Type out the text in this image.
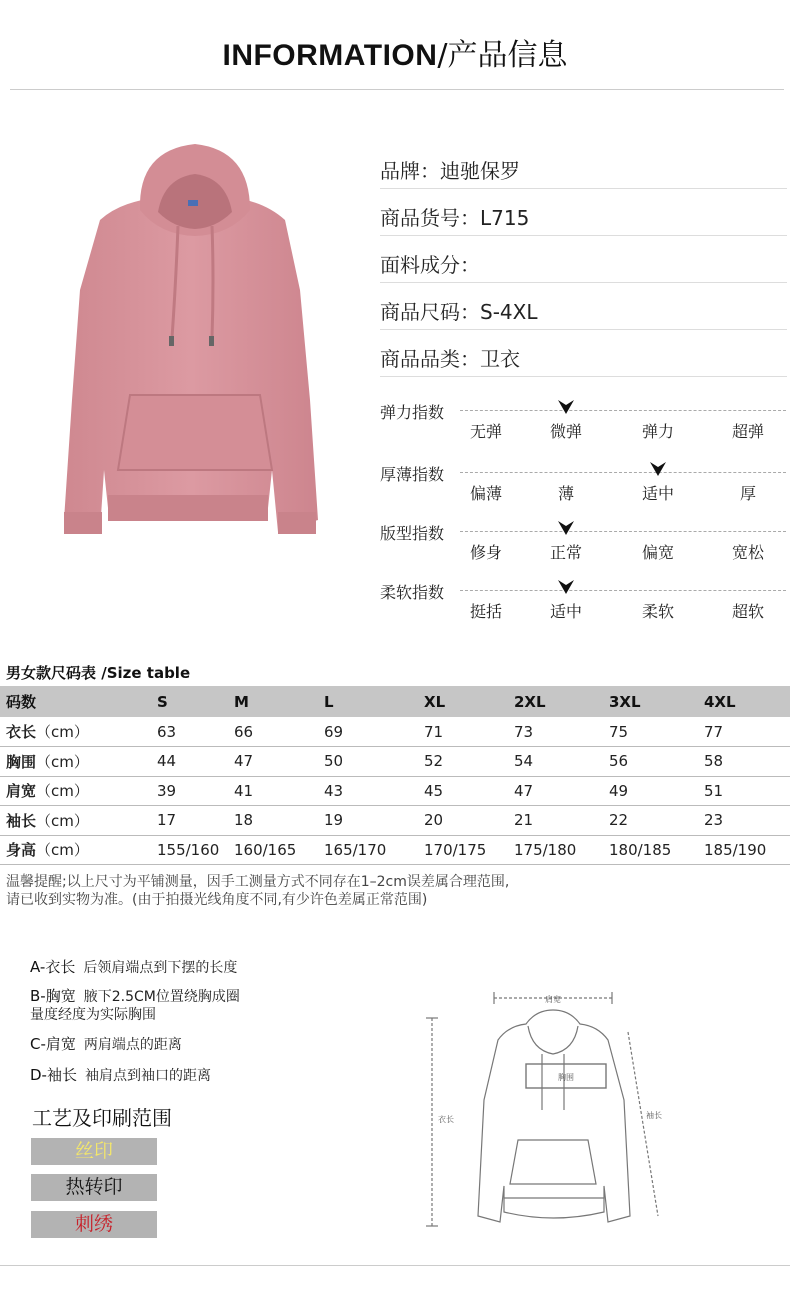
INFORMATION/产品信息
品牌：迪驰保罗
商品货号：L715
面料成分：
商品尺码：S-4XL
商品品类：卫衣
弹力指数
无弹	微弹	弹力	超弹
厚薄指数
偏薄	薄	适中	厚
版型指数
修身	正常	偏宽	宽松
柔软指数
挺括	适中	柔软	超软
男女款尺码表 /Size table
码数	S	M	L	XL	2XL	3XL	4XL
衣长（cm）	63	66	69	71	73	75	77
胸围（cm）	44	47	50	52	54	56	58
肩宽（cm）	39	41	43	45	47	49	51
袖长（cm）	17	18	19	20	21	22	23
身高（cm）	155/160	160/165	165/170	170/175	175/180	180/185	185/190
温馨提醒;以上尺寸为平铺测量，因手工测量方式不同存在1–2cm误差属合理范围,
请已收到实物为准。(由于拍摄光线角度不同,有少许色差属正常范围)
A-衣长 后领肩端点到下摆的长度
B-胸宽 腋下2.5CM位置绕胸成圈
量度经度为实际胸围
C-肩宽 两肩端点的距离
D-袖长 袖肩点到袖口的距离
肩宽
胸围
衣长	袖长
工艺及印刷范围
丝印
热转印
刺绣
